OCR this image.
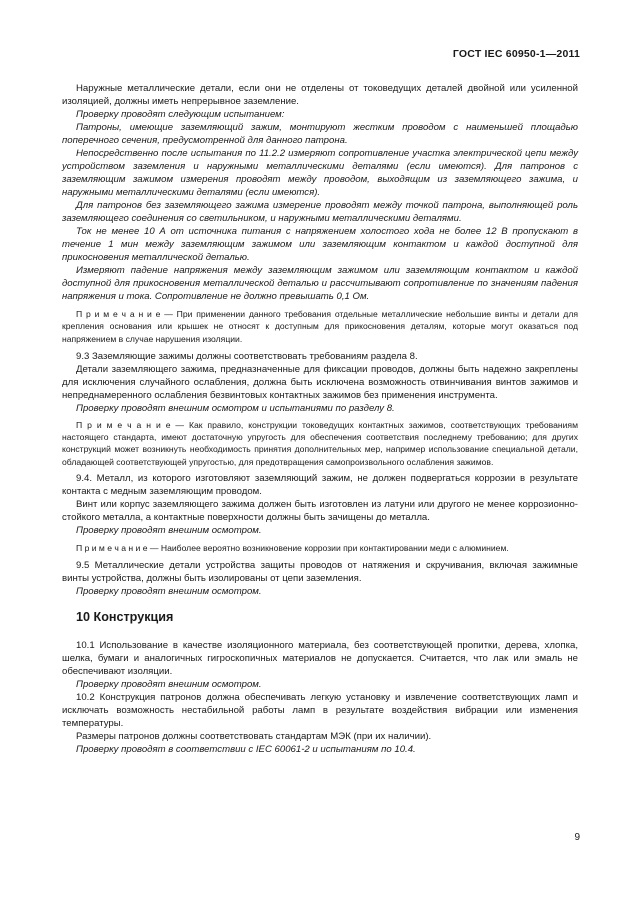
ГОСТ IEC 60950-1—2011

Наружные металлические детали, если они не отделены от токоведущих деталей двойной или усиленной изоляцией, должны иметь непрерывное заземление.

Проверку проводят следующим испытанием:

Патроны, имеющие заземляющий зажим, монтируют жестким проводом с наименьшей площадью поперечного сечения, предусмотренной для данного патрона.

Непосредственно после испытания по 11.2.2 измеряют сопротивление участка электрической цепи между устройством заземления и наружными металлическими деталями (если имеются). Для патронов с заземляющим зажимом измерения проводят между проводом, выходящим из заземляющего зажима, и наружными металлическими деталями (если имеются).

Для патронов без заземляющего зажима измерение проводят между точкой патрона, выполняющей роль заземляющего соединения со светильником, и наружными металлическими деталями.

Ток не менее 10 А от источника питания с напряжением холостого хода не более 12 В пропускают в течение 1 мин между заземляющим зажимом или заземляющим контактом и каждой доступной для прикосновения металлической деталью.

Измеряют падение напряжения между заземляющим зажимом или заземляющим контактом и каждой доступной для прикосновения металлической деталью и рассчитывают сопротивление по значениям падения напряжения и тока. Сопротивление не должно превышать 0,1 Ом.

П р и м е ч а н и е — При применении данного требования отдельные металлические небольшие винты и детали для крепления основания или крышек не относят к доступным для прикосновения деталям, которые могут оказаться под напряжением в случае нарушения изоляции.

9.3 Заземляющие зажимы должны соответствовать требованиям раздела 8.

Детали заземляющего зажима, предназначенные для фиксации проводов, должны быть надежно закреплены для исключения случайного ослабления, должна быть исключена возможность отвинчивания винтов зажимов и непреднамеренного ослабления безвинтовых контактных зажимов без применения инструмента.

Проверку проводят внешним осмотром и испытаниями по разделу 8.

П р и м е ч а н и е — Как правило, конструкции токоведущих контактных зажимов, соответствующих требованиям настоящего стандарта, имеют достаточную упругость для обеспечения соответствия последнему требованию; для других конструкций может возникнуть необходимость принятия дополнительных мер, например использование специальной детали, обладающей соответствующей упругостью, для предотвращения самопроизвольного ослабления зажимов.

9.4. Металл, из которого изготовляют заземляющий зажим, не должен подвергаться коррозии в результате контакта с медным заземляющим проводом.

Винт или корпус заземляющего зажима должен быть изготовлен из латуни или другого не менее коррозионно-стойкого металла, а контактные поверхности должны быть зачищены до металла.

Проверку проводят внешним осмотром.

П р и м е ч а н и е — Наиболее вероятно возникновение коррозии при контактировании меди с алюминием.

9.5 Металлические детали устройства защиты проводов от натяжения и скручивания, включая зажимные винты устройства, должны быть изолированы от цепи заземления.

Проверку проводят внешним осмотром.

10 Конструкция

10.1 Использование в качестве изоляционного материала, без соответствующей пропитки, дерева, хлопка, шелка, бумаги и аналогичных гигроскопичных материалов не допускается. Считается, что лак или эмаль не обеспечивают изоляции.

Проверку проводят внешним осмотром.

10.2 Конструкция патронов должна обеспечивать легкую установку и извлечение соответствующих ламп и исключать возможность нестабильной работы ламп в результате воздействия вибрации или изменения температуры.

Размеры патронов должны соответствовать стандартам МЭК (при их наличии).

Проверку проводят в соответствии с IEC 60061-2 и испытаниям по 10.4.

9
